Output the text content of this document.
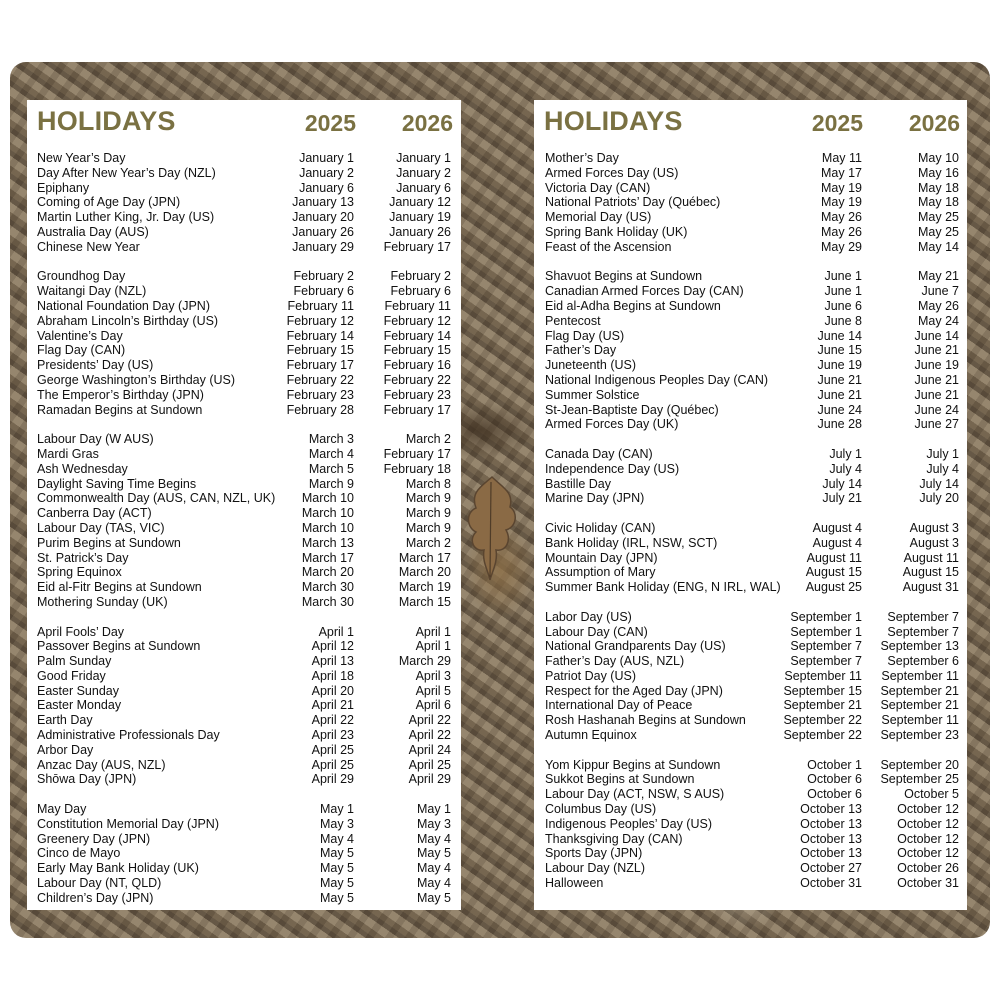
HOLIDAYS	2025 2026	HOLIDAYS	2025 2026
New Year’s Day	January 1	January 1
Day After New Year’s Day (NZL)	January 2	January 2
Epiphany	January 6	January 6
Coming of Age Day (JPN)	January 13	January 12
Martin Luther King, Jr. Day (US)	January 20	January 19
Australia Day (AUS)	January 26	January 26
Chinese New Year	January 29 February 17
Groundhog Day	February 2	February 2
Waitangi Day (NZL)	February 6	February 6
National Foundation Day (JPN)	February 11 February 11
Abraham Lincoln’s Birthday (US)	February 12 February 12
Valentine’s Day	February 14 February 14
Flag Day (CAN)	February 15 February 15
Presidents’ Day (US)	February 17 February 16
George Washington’s Birthday (US)	February 22 February 22
The Emperor’s Birthday (JPN)	February 23 February 23
Ramadan Begins at Sundown	February 28 February 17
Labour Day (W AUS)	March 3	March 2
Mardi Gras	March 4 February 17
Ash Wednesday	March 5 February 18
Daylight Saving Time Begins	March 9	March 8
Commonwealth Day (AUS, CAN, NZL, UK) March 10	March 9
Canberra Day (ACT)	March 10	March 9
Labour Day (TAS, VIC)	March 10	March 9
Purim Begins at Sundown	March 13	March 2
St. Patrick’s Day	March 17	March 17
Spring Equinox	March 20	March 20
Eid al-Fitr Begins at Sundown	March 30	March 19
Mothering Sunday (UK)	March 30	March 15
April Fools’ Day	April 1	April 1
Passover Begins at Sundown	April 12	April 1
Palm Sunday	April 13	March 29
Good Friday	April 18	April 3
Easter Sunday	April 20	April 5
Easter Monday	April 21	April 6
Earth Day	April 22	April 22
Administrative Professionals Day	April 23	April 22
Arbor Day	April 25	April 24
Anzac Day (AUS, NZL)	April 25	April 25
Shōwa Day (JPN)	April 29	April 29
May Day	May 1	May 1
Constitution Memorial Day (JPN)	May 3	May 3
Greenery Day (JPN)	May 4	May 4
Cinco de Mayo	May 5	May 5
Early May Bank Holiday (UK)	May 5	May 4
Labour Day (NT, QLD)	May 5	May 4
Children’s Day (JPN)	May 5	May 5
Mother’s Day	May 11	May 10
Armed Forces Day (US)	May 17	May 16
Victoria Day (CAN)	May 19	May 18
National Patriots’ Day (Québec)	May 19	May 18
Memorial Day (US)	May 26	May 25
Spring Bank Holiday (UK)	May 26	May 25
Feast of the Ascension	May 29	May 14
Shavuot Begins at Sundown	June 1	May 21
Canadian Armed Forces Day (CAN)	June 1	June 7
Eid al-Adha Begins at Sundown	June 6	May 26
Pentecost	June 8	May 24
Flag Day (US)	June 14	June 14
Father’s Day	June 15	June 21
Juneteenth (US)	June 19	June 19
National Indigenous Peoples Day (CAN)	June 21	June 21
Summer Solstice	June 21	June 21
St-Jean-Baptiste Day (Québec)	June 24	June 24
Armed Forces Day (UK)	June 28	June 27
Canada Day (CAN)	July 1	July 1
Independence Day (US)	July 4	July 4
Bastille Day	July 14	July 14
Marine Day (JPN)	July 21	July 20
Civic Holiday (CAN)	August 4	August 3
Bank Holiday (IRL, NSW, SCT)	August 4	August 3
Mountain Day (JPN)	August 11	August 11
Assumption of Mary	August 15	August 15
Summer Bank Holiday (ENG, N IRL, WAL) August 25	August 31
Labor Day (US)	September 1 September 7
Labour Day (CAN)	September 1 September 7
National Grandparents Day (US)	September 7 September 13
Father’s Day (AUS, NZL)	September 7 September 6
Patriot Day (US)	September 11 September 11
Respect for the Aged Day (JPN)	September 15 September 21
International Day of Peace	September 21 September 21
Rosh Hashanah Begins at Sundown	September 22 September 11
Autumn Equinox	September 22 September 23
Yom Kippur Begins at Sundown	October 1 September 20
Sukkot Begins at Sundown	October 6 September 25
Labour Day (ACT, NSW, S AUS)	October 6	October 5
Columbus Day (US)	October 13	October 12
Indigenous Peoples’ Day (US)	October 13	October 12
Thanksgiving Day (CAN)	October 13	October 12
Sports Day (JPN)	October 13	October 12
Labour Day (NZL)	October 27	October 26
Halloween	October 31	October 31
